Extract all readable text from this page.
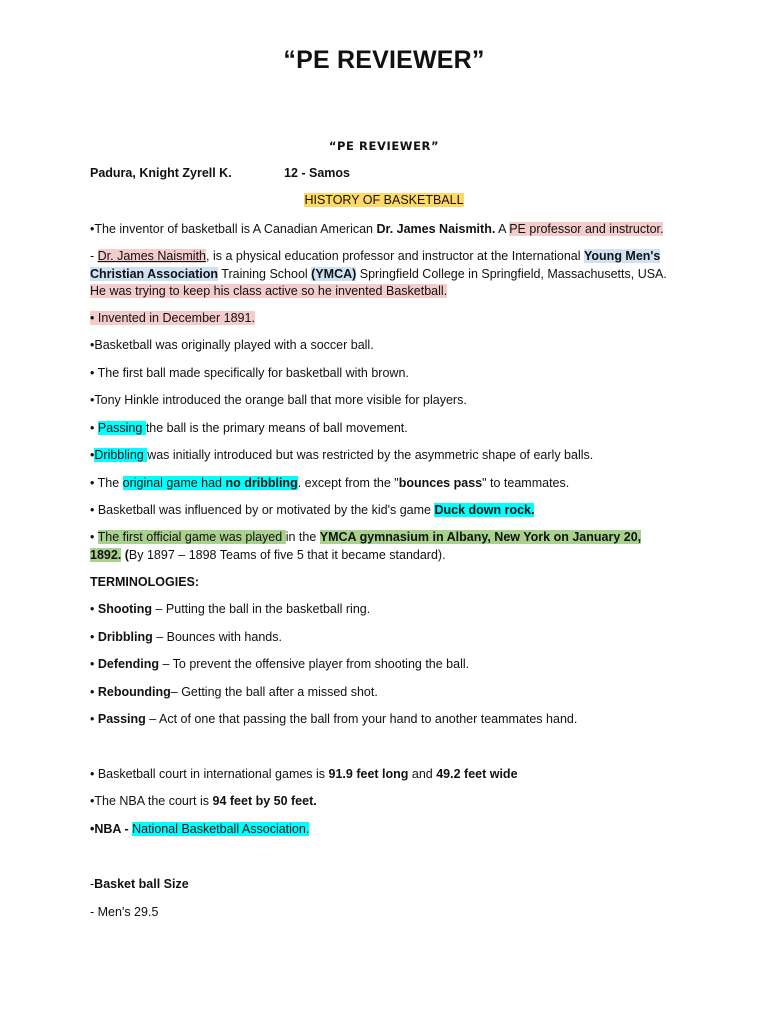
“PE REVIEWER”
“PE REVIEWER”
Padura, Knight Zyrell K.	12 - Samos
HISTORY OF BASKETBALL
•The inventor of basketball is A Canadian American Dr. James Naismith. A PE professor and instructor.
- Dr. James Naismith, is a physical education professor and instructor at the International Young Men's Christian Association Training School (YMCA) Springfield College in Springfield, Massachusetts, USA. He was trying to keep his class active so he invented Basketball.
• Invented in December 1891.
•Basketball was originally played with a soccer ball.
• The first ball made specifically for basketball with brown.
•Tony Hinkle introduced the orange ball that more visible for players.
• Passing the ball is the primary means of ball movement.
•Dribbling was initially introduced but was restricted by the asymmetric shape of early balls.
• The original game had no dribbling. except from the "bounces pass" to teammates.
• Basketball was influenced by or motivated by the kid's game Duck down rock.
• The first official game was played in the YMCA gymnasium in Albany, New York on January 20, 1892. (By 1897 – 1898 Teams of five 5 that it became standard).
TERMINOLOGIES:
• Shooting – Putting the ball in the basketball ring.
• Dribbling – Bounces with hands.
• Defending – To prevent the offensive player from shooting the ball.
• Rebounding– Getting the ball after a missed shot.
• Passing – Act of one that passing the ball from your hand to another teammates hand.
• Basketball court in international games is 91.9 feet long and 49.2 feet wide
•The NBA the court is 94 feet by 50 feet.
•NBA - National Basketball Association.
-Basket ball Size
- Men's 29.5
